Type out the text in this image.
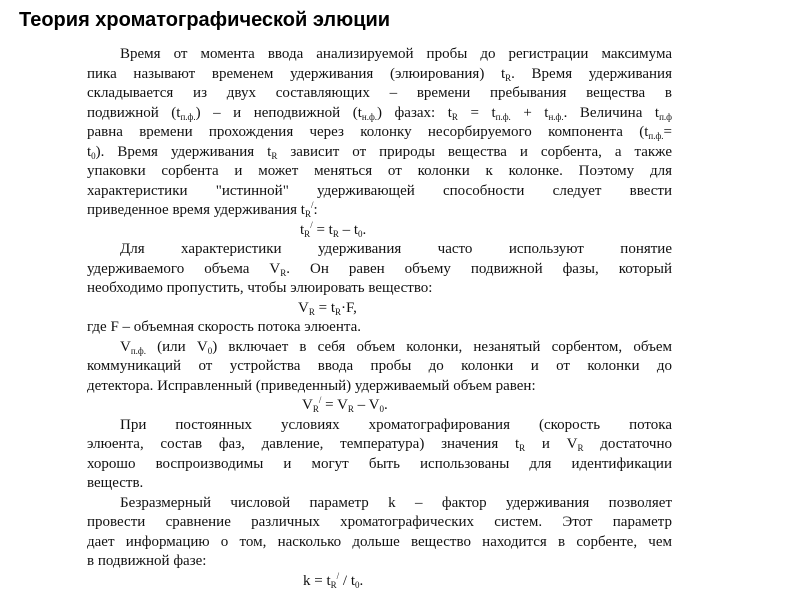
Теория хроматографической элюции
Время от момента ввода анализируемой пробы до регистрации максимума
пика называют временем удерживания (элюирования) $t_R$. Время удерживания
складывается из двух составляющих – времени пребывания вещества в
подвижной $(t_{п.ф.})$ – и неподвижной $(t_{н.ф.})$ фазах: $t_R = t_{п.ф.} + t_{н.ф.}$. Величина $t_{п.ф}$
равна времени прохождения через колонку несорбируемого компонента ($t_{п.ф.}=$
$t_0$). Время удерживания $t_R$ зависит от природы вещества и сорбента, а также
упаковки сорбента и может меняться от колонки к колонке. Поэтому для
характеристики "истинной" удерживающей способности следует ввести
приведенное время удерживания $t_R^/$:
$t_R^/ = t_R - t_0$.
Для характеристики удерживания часто используют понятие
удерживаемого объема $V_R$. Он равен объему подвижной фазы, который
необходимо пропустить, чтобы элюировать вещество:
$V_R = t_R\cdot F$,
где F – объемная скорость потока элюента.
$V_{п.ф.}$ (или $V_0$) включает в себя объем колонки, незанятый сорбентом, объем
коммуникаций от устройства ввода пробы до колонки и от колонки до
детектора. Исправленный (приведенный) удерживаемый объем равен:
$V_R^/ = V_R - V_0$.
При постоянных условиях хроматографирования (скорость потока
элюента, состав фаз, давление, температура) значения $t_R$ и $V_R$ достаточно
хорошо воспроизводимы и могут быть использованы для идентификации
веществ.
Безразмерный числовой параметр k – фактор удерживания позволяет
провести сравнение различных хроматографических систем. Этот параметр
дает информацию о том, насколько дольше вещество находится в сорбенте, чем
в подвижной фазе:
$k = t_R^/ / t_0$.
